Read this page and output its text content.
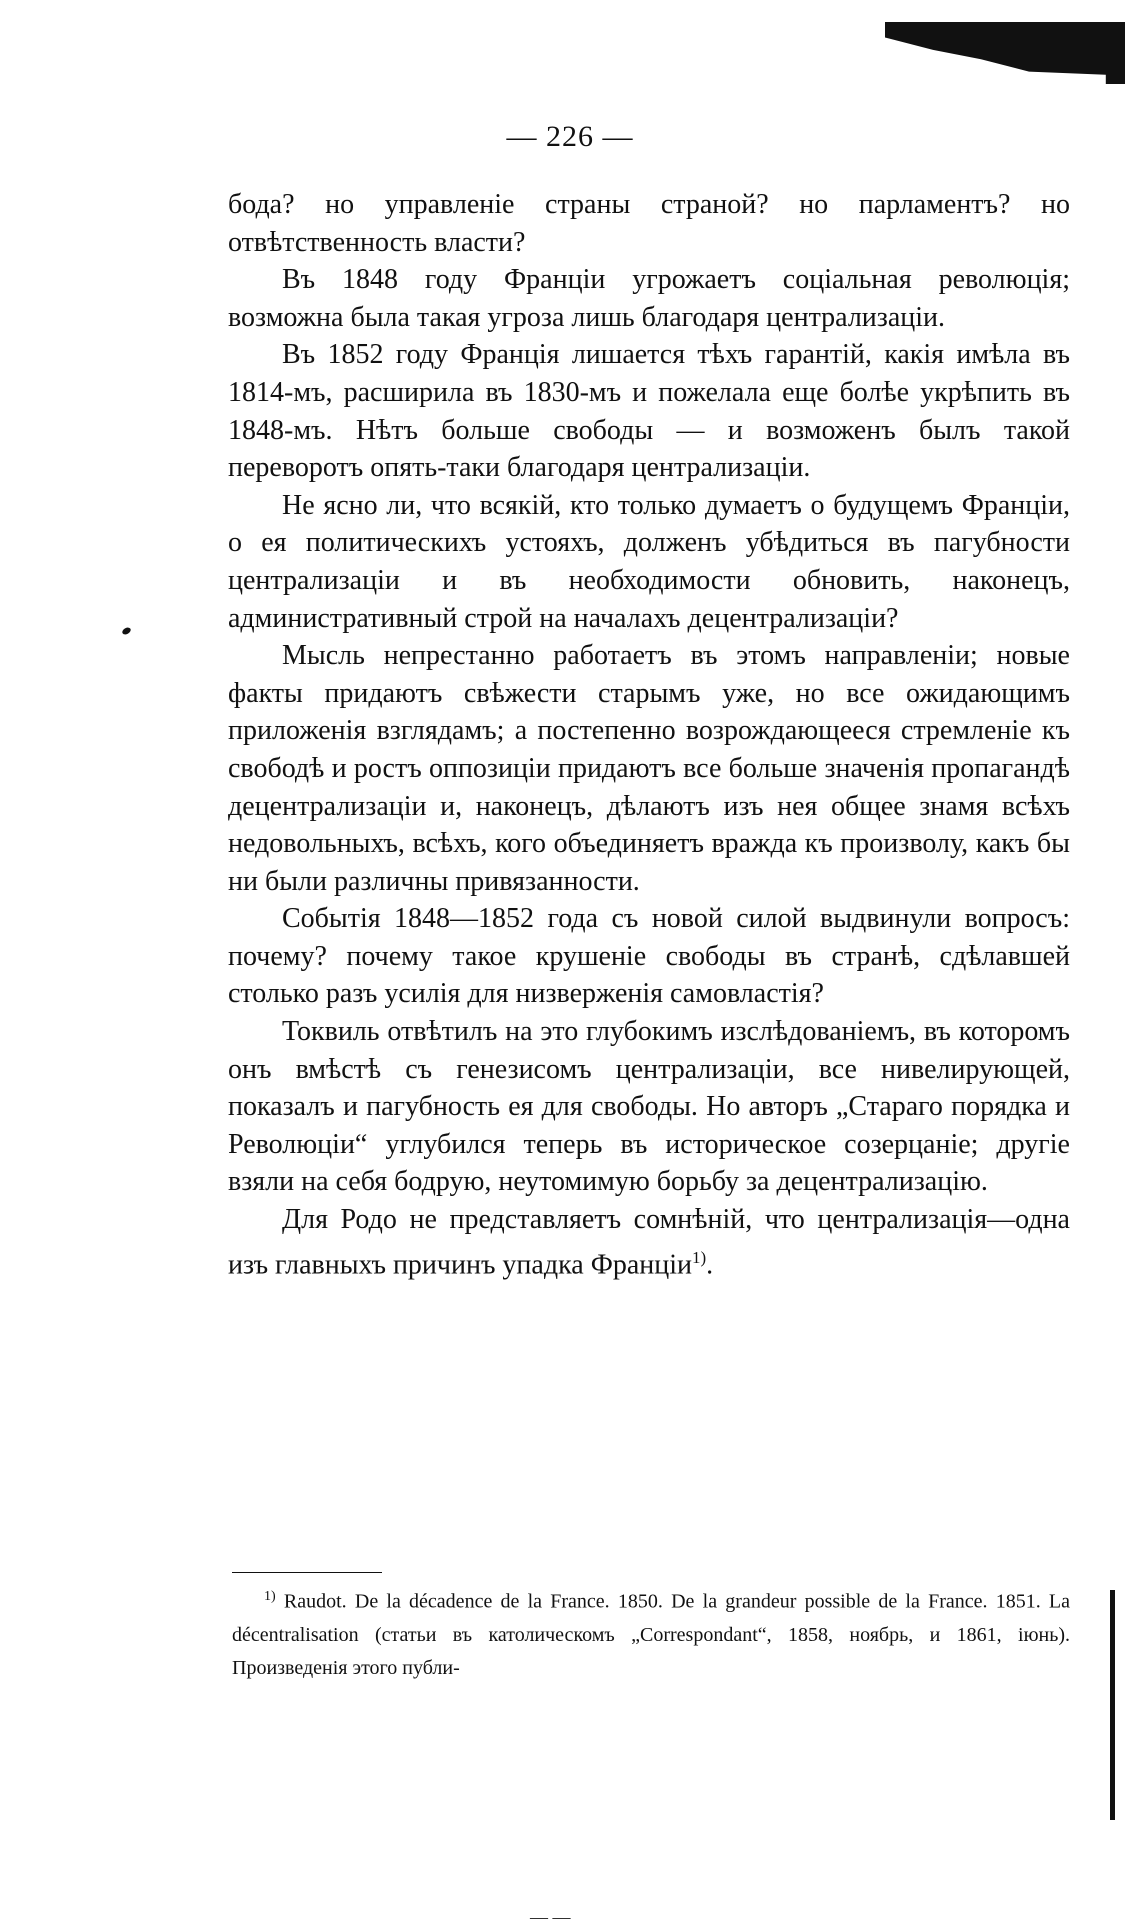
— 226 —

бода? но управленіе страны страной? но парламентъ? но отвѣтственность власти?

Въ 1848 году Франціи угрожаетъ соціальная революція; возможна была такая угроза лишь благодаря централизаціи.

Въ 1852 году Франція лишается тѣхъ гарантій, какія имѣла въ 1814-мъ, расширила въ 1830-мъ и пожелала еще болѣе укрѣпить въ 1848-мъ. Нѣтъ больше свободы — и возможенъ былъ такой переворотъ опять-таки благодаря централизаціи.

Не ясно ли, что всякій, кто только думаетъ о будущемъ Франціи, о ея политическихъ устояхъ, долженъ убѣдиться въ пагубности централизаціи и въ необходимости обновить, наконецъ, административный строй на началахъ децентрализаціи?

Мысль непрестанно работаетъ въ этомъ направленіи; новые факты придаютъ свѣжести старымъ уже, но все ожидающимъ приложенія взглядамъ; а постепенно возрождающееся стремленіе къ свободѣ и ростъ оппозиціи придаютъ все больше значенія пропагандѣ децентрализаціи и, наконецъ, дѣлаютъ изъ нея общее знамя всѣхъ недовольныхъ, всѣхъ, кого объединяетъ вражда къ произволу, какъ бы ни были различны привязанности.

Событія 1848—1852 года съ новой силой выдвинули вопросъ: почему? почему такое крушеніе свободы въ странѣ, сдѣлавшей столько разъ усилія для низверженія самовластія?

Токвиль отвѣтилъ на это глубокимъ изслѣдованіемъ, въ которомъ онъ вмѣстѣ съ генезисомъ централизаціи, все нивелирующей, показалъ и пагубность ея для свободы. Но авторъ „Стараго порядка и Революціи“ углубился теперь въ историческое созерцаніе; другіе взяли на себя бодрую, неутомимую борьбу за децентрализацію.

Для Родо не представляетъ сомнѣній, что централизація—одна изъ главныхъ причинъ упадка Франціи$^{1)}$.

$^{1)}$ Raudot. De la décadence de la France. 1850. De la grandeur possible de la France. 1851. La décentralisation (статьи въ католическомъ „Correspondant“, 1858, ноябрь, и 1861, іюнь). Произведенія этого публи-
— —
